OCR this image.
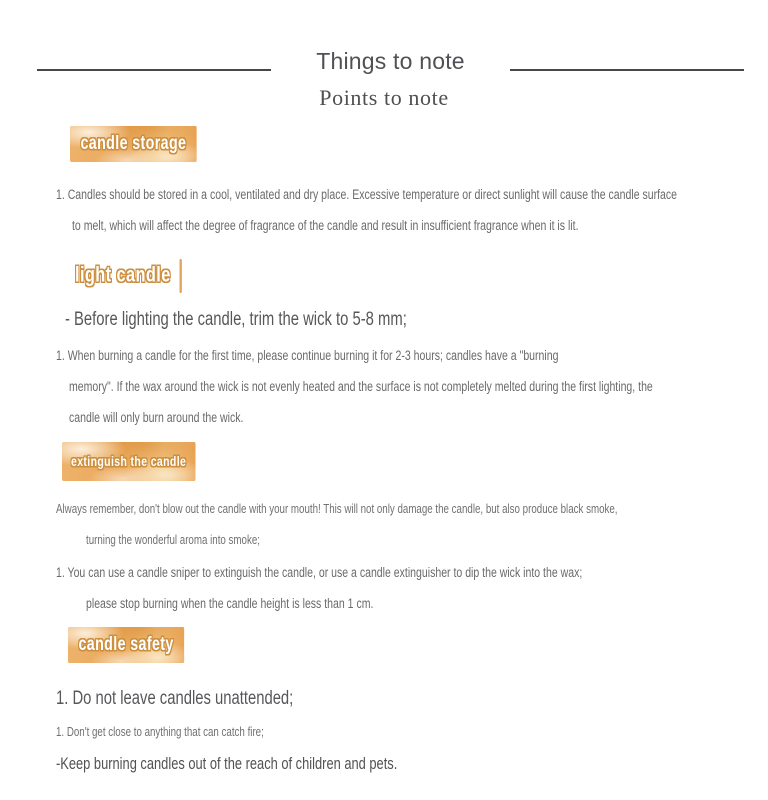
Things to note
Points to note
candle storage

1. Candles should be stored in a cool, ventilated and dry place. Excessive temperature or direct sunlight will cause the candle surface

to melt, which will affect the degree of fragrance of the candle and result in insufficient fragrance when it is lit.

light candle

- Before lighting the candle, trim the wick to 5-8 mm;

1. When burning a candle for the first time, please continue burning it for 2-3 hours; candles have a "burning

memory". If the wax around the wick is not evenly heated and the surface is not completely melted during the first lighting, the

candle will only burn around the wick.

extinguish the candle

Always remember, don't blow out the candle with your mouth! This will not only damage the candle, but also produce black smoke,

turning the wonderful aroma into smoke;

1. You can use a candle sniper to extinguish the candle, or use a candle extinguisher to dip the wick into the wax;

please stop burning when the candle height is less than 1 cm.

candle safety

1. Do not leave candles unattended;

1. Don't get close to anything that can catch fire;

-Keep burning candles out of the reach of children and pets.
